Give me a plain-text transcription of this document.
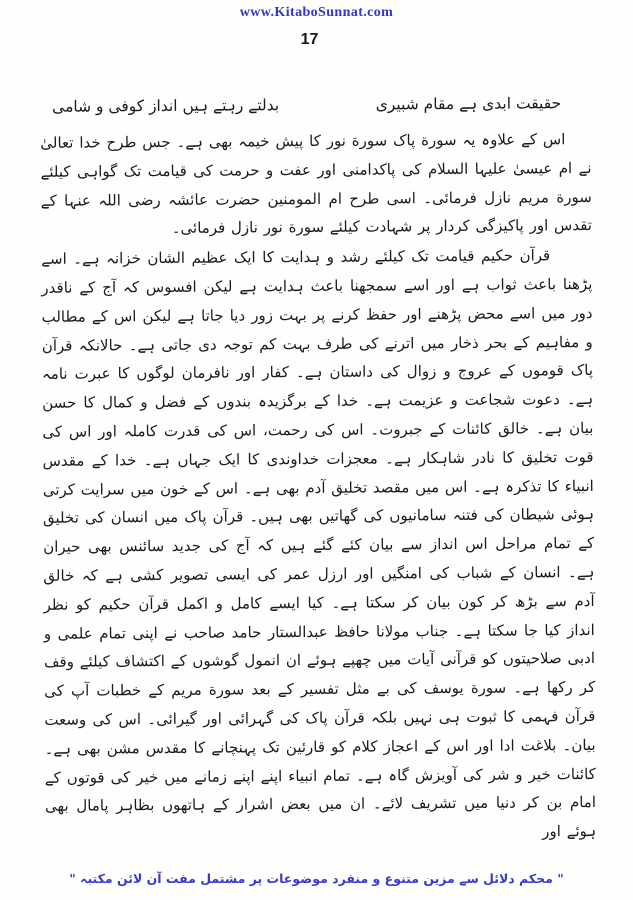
www.KitaboSunnat.com
17
حقیقت ابدی ہے مقام شبیری
بدلتے رہتے ہیں انداز کوفی و شامی

اس کے علاوہ یہ سورة پاک سورة نور کا پیش خیمہ بھی ہے۔ جس طرح خدا تعالیٰ نے ام عیسیٰ علیہا السلام کی پاکدامنی اور عفت و حرمت کی قیامت تک گواہی کیلئے سورة مریم نازل فرمائی۔ اسی طرح ام المومنین حضرت عائشہ رضی اللہ عنہا کے تقدس اور پاکیزگی کردار پر شہادت کیلئے سورة نور نازل فرمائی۔

قرآن حکیم قیامت تک کیلئے رشد و ہدایت کا ایک عظیم الشان خزانہ ہے۔ اسے پڑھنا باعث ثواب ہے اور اسے سمجھنا باعث ہدایت ہے لیکن افسوس کہ آج کے ناقدر دور میں اسے محض پڑھنے اور حفظ کرنے پر بہت زور دیا جاتا ہے لیکن اس کے مطالب و مفاہیم کے بحر ذخار میں اترنے کی طرف بہت کم توجہ دی جاتی ہے۔ حالانکہ قرآن پاک قوموں کے عروج و زوال کی داستان ہے۔ کفار اور نافرمان لوگوں کا عبرت نامہ ہے۔ دعوت شجاعت و عزیمت ہے۔ خدا کے برگزیدہ بندوں کے فضل و کمال کا حسن بیان ہے۔ خالق کائنات کے جبروت۔ اس کی رحمت، اس کی قدرت کاملہ اور اس کی قوت تخلیق کا نادر شاہکار ہے۔ معجزات خداوندی کا ایک جہاں ہے۔ خدا کے مقدس انبیاء کا تذکرہ ہے۔ اس میں مقصد تخلیق آدم بھی ہے۔ اس کے خون میں سرایت کرتی ہوئی شیطان کی فتنہ سامانیوں کی گھاتیں بھی ہیں۔ قرآن پاک میں انسان کی تخلیق کے تمام مراحل اس انداز سے بیان کئے گئے ہیں کہ آج کی جدید سائنس بھی حیران ہے۔ انسان کے شباب کی امنگیں اور ارزل عمر کی ایسی تصویر کشی ہے کہ خالق آدم سے بڑھ کر کون بیان کر سکتا ہے۔ کیا ایسے کامل و اکمل قرآن حکیم کو نظر انداز کیا جا سکتا ہے۔ جناب مولانا حافظ عبدالستار حامد صاحب نے اپنی تمام علمی و ادبی صلاحیتوں کو قرآنی آیات میں چھپے ہوئے ان انمول گوشوں کے اکتشاف کیلئے وقف کر رکھا ہے۔ سورة یوسف کی بے مثل تفسیر کے بعد سورة مریم کے خطبات آپ کی قرآن فہمی کا ثبوت ہی نہیں بلکہ قرآن پاک کی گہرائی اور گیرائی۔ اس کی وسعت بیان۔ بلاغت ادا اور اس کے اعجاز کلام کو قارئین تک پہنچانے کا مقدس مشن بھی ہے۔ کائنات خیر و شر کی آویزش گاہ ہے۔ تمام انبیاء اپنے اپنے زمانے میں خیر کی قوتوں کے امام بن کر دنیا میں تشریف لائے۔ ان میں بعض اشرار کے ہاتھوں بظاہر پامال بھی ہوئے اور

" محکم دلائل سے مزین متنوع و منفرد موضوعات پر مشتمل مفت آن لائن مکتبہ "
